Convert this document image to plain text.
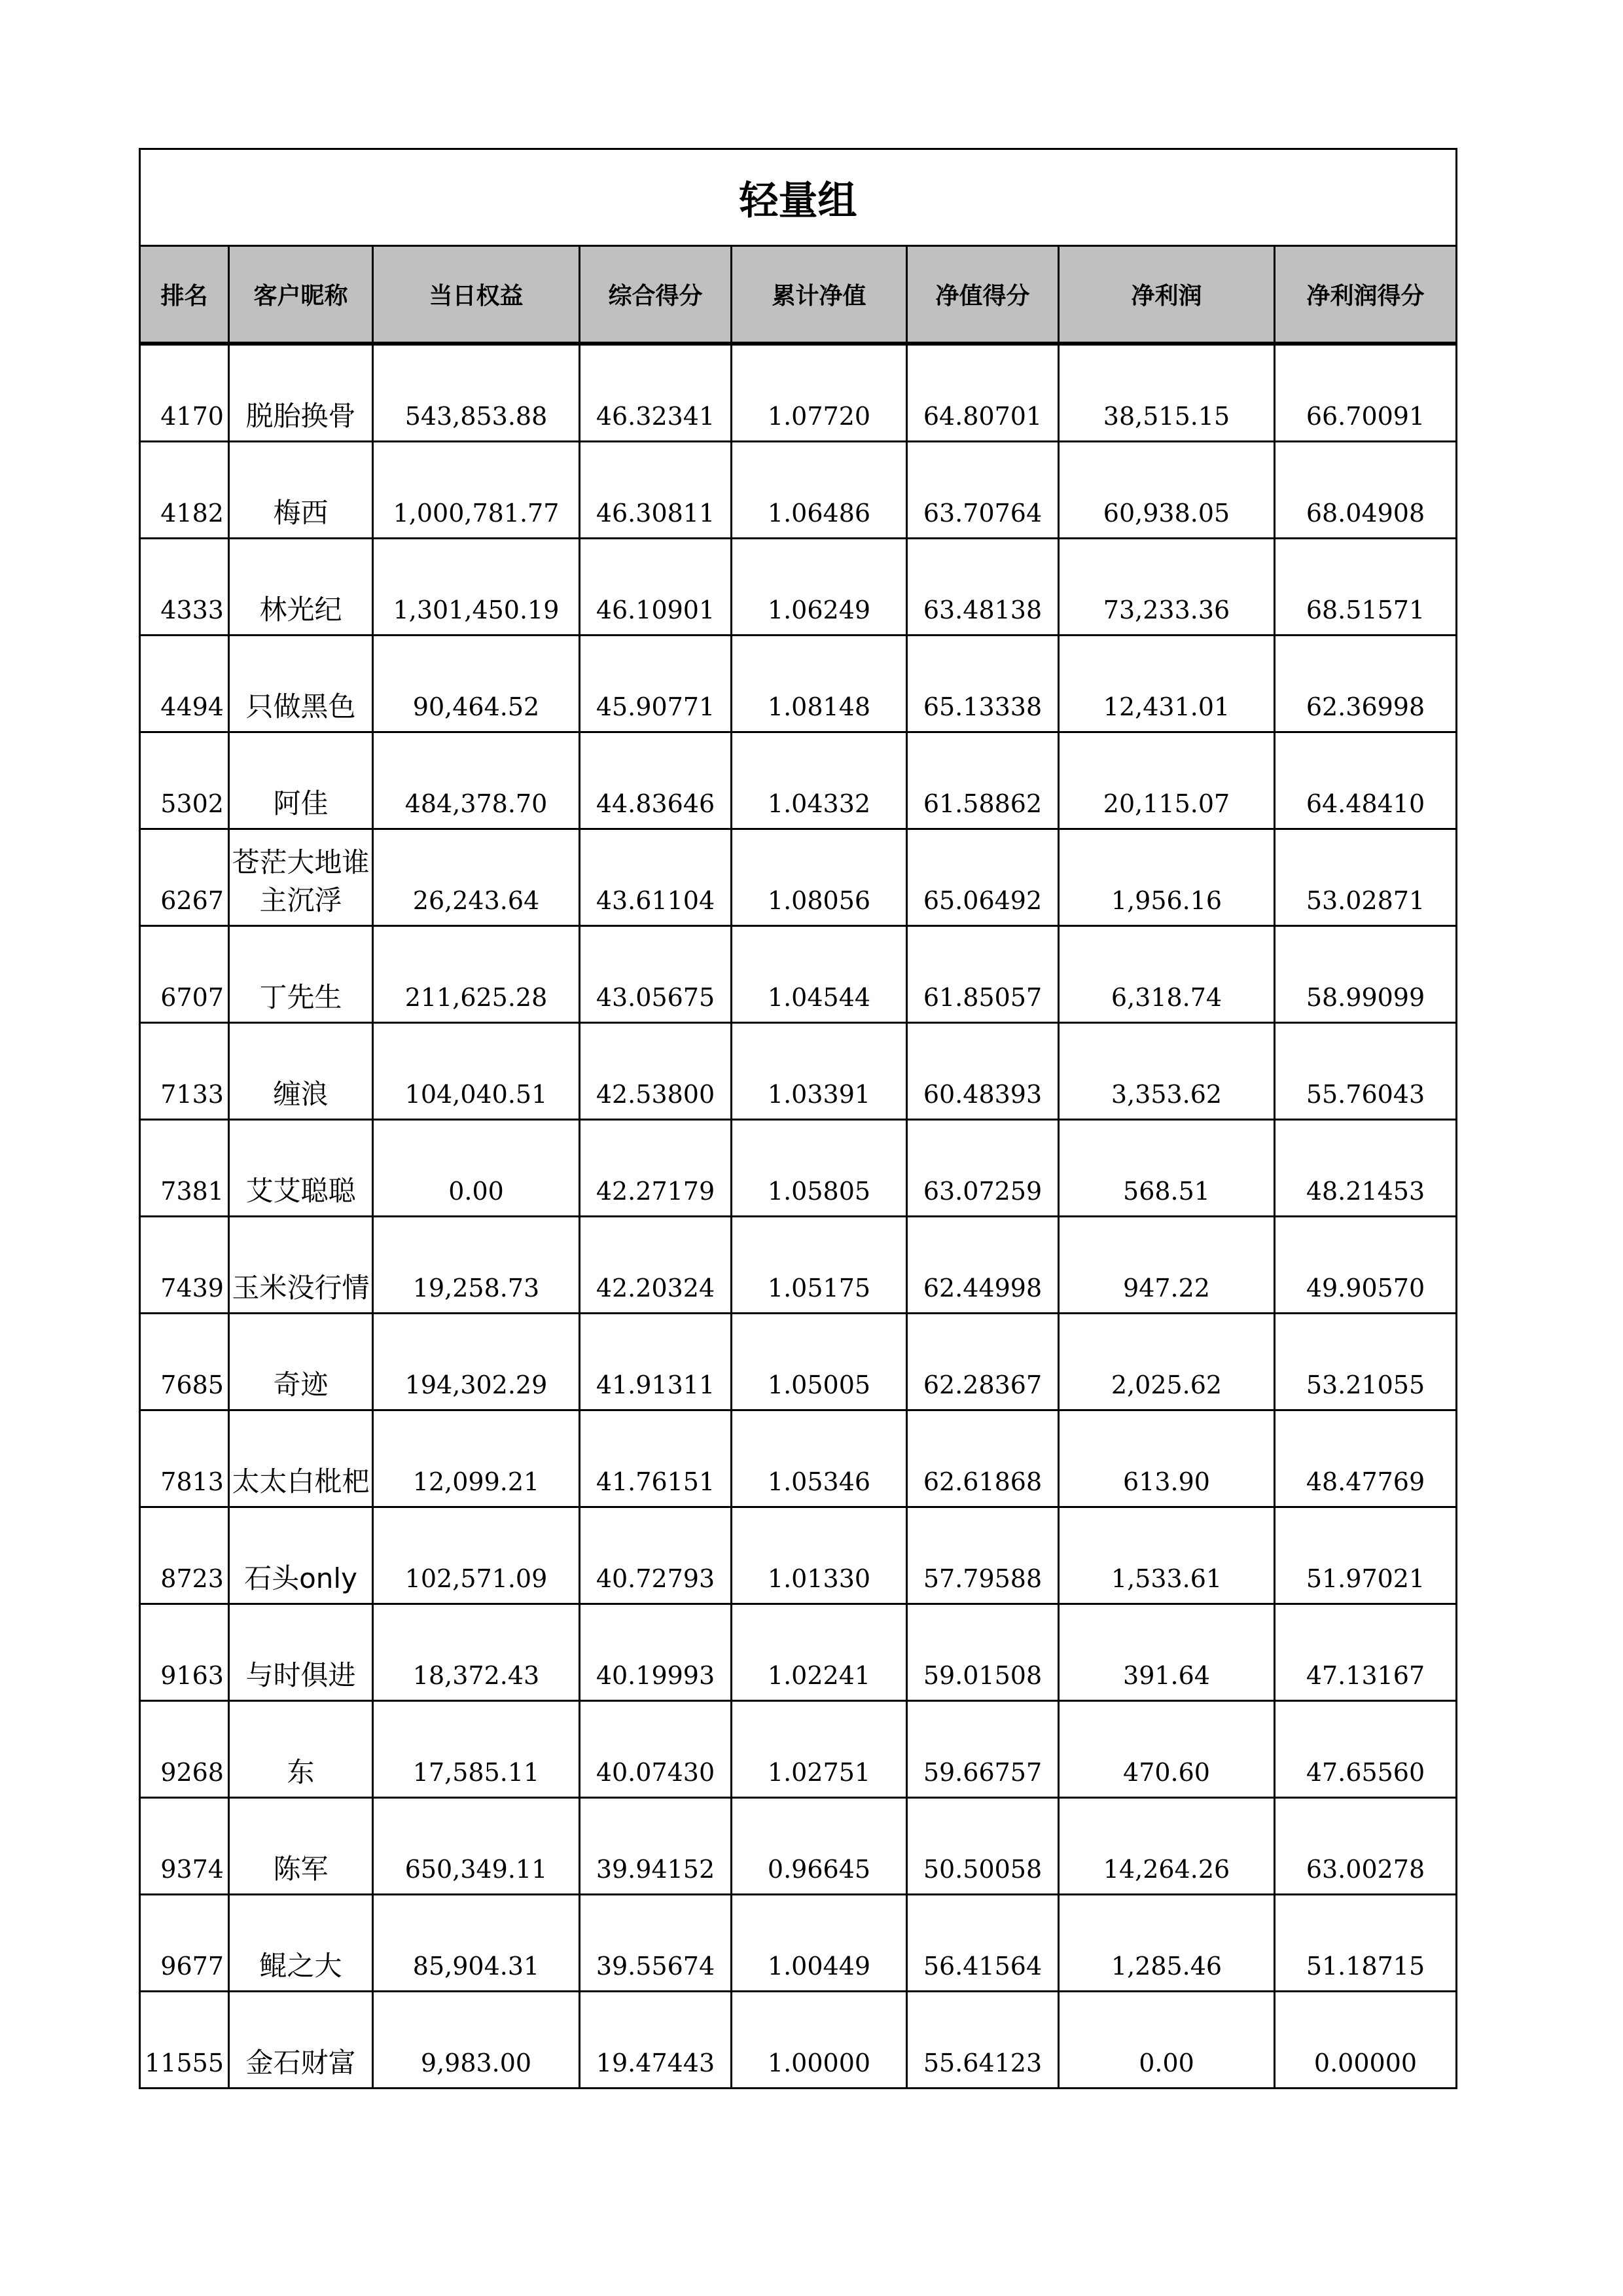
轻量组							
排名	客户昵称	当日权益	综合得分	累计净值	净值得分	净利润	净利润得分

4170	脱胎换骨	543,853.88	46.32341	1.07720	64.80701	38,515.15	66.70091
4182	梅西	1,000,781.77	46.30811	1.06486	63.70764	60,938.05	68.04908
4333	林光纪	1,301,450.19	46.10901	1.06249	63.48138	73,233.36	68.51571
4494	只做黑色	90,464.52	45.90771	1.08148	65.13338	12,431.01	62.36998
5302	阿佳	484,378.70	44.83646	1.04332	61.58862	20,115.07	64.48410
6267	苍茫大地谁主沉浮	26,243.64	43.61104	1.08056	65.06492	1,956.16	53.02871
6707	丁先生	211,625.28	43.05675	1.04544	61.85057	6,318.74	58.99099
7133	缠浪	104,040.51	42.53800	1.03391	60.48393	3,353.62	55.76043
7381	艾艾聪聪	0.00	42.27179	1.05805	63.07259	568.51	48.21453
7439	玉米没行情	19,258.73	42.20324	1.05175	62.44998	947.22	49.90570
7685	奇迹	194,302.29	41.91311	1.05005	62.28367	2,025.62	53.21055
7813	太太白枇杷	12,099.21	41.76151	1.05346	62.61868	613.90	48.47769
8723	石头only	102,571.09	40.72793	1.01330	57.79588	1,533.61	51.97021
9163	与时俱进	18,372.43	40.19993	1.02241	59.01508	391.64	47.13167
9268	东	17,585.11	40.07430	1.02751	59.66757	470.60	47.65560
9374	陈军	650,349.11	39.94152	0.96645	50.50058	14,264.26	63.00278
9677	鲲之大	85,904.31	39.55674	1.00449	56.41564	1,285.46	51.18715
11555	金石财富	9,983.00	19.47443	1.00000	55.64123	0.00	0.00000
